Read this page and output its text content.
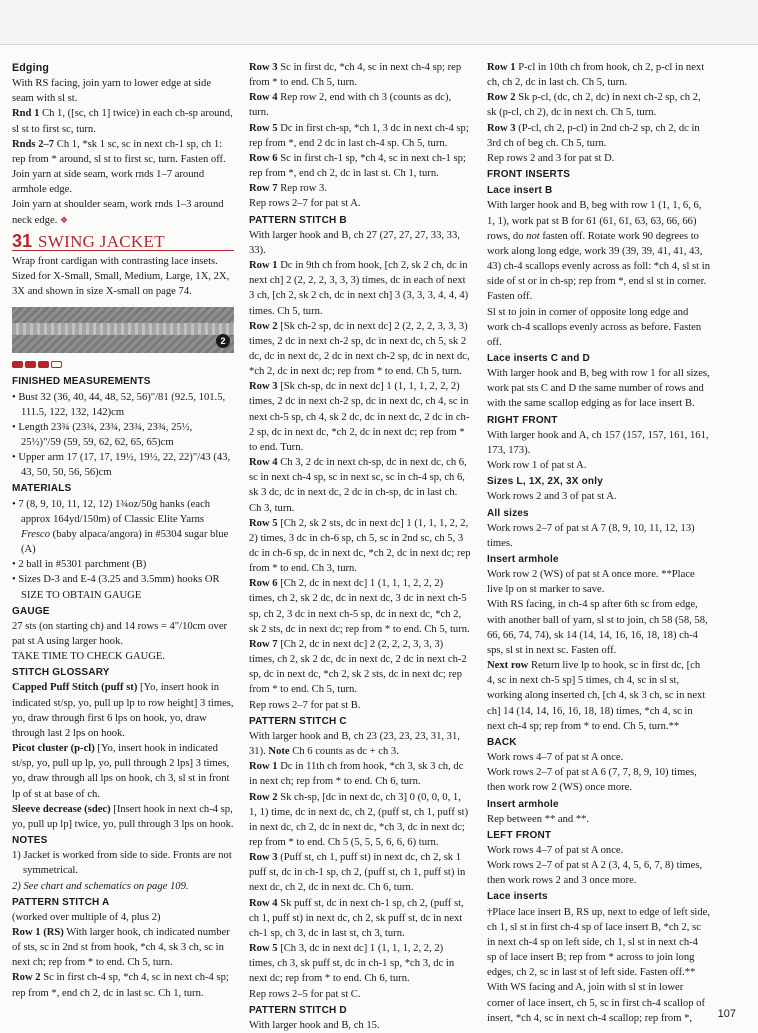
Edging

With RS facing, join yarn to lower edge at side seam with sl st.

Rnd 1 Ch 1, ([sc, ch 1] twice) in each ch-sp around, sl st to first sc, turn.

Rnds 2–7 Ch 1, *sk 1 sc, sc in next ch-1 sp, ch 1: rep from * around, sl st to first sc, turn. Fasten off. Join yarn at side seam, work rnds 1–7 around armhole edge.

Join yarn at shoulder seam, work rnds 1–3 around neck edge. ❖

31 SWING JACKET

Wrap front cardigan with contrasting lace insets. Sized for X-Small, Small, Medium, Large, 1X, 2X, 3X and shown in size X-small on page 74.

2

FINISHED MEASUREMENTS

• Bust 32 (36, 40, 44, 48, 52, 56)"/81 (92.5, 101.5, 111.5, 122, 132, 142)cm

• Length 23¾ (23¾, 23¾, 23¾, 23¾, 25½, 25½)"/59 (59, 59, 62, 62, 65, 65)cm

• Upper arm 17 (17, 17, 19½, 19½, 22, 22)"/43 (43, 43, 50, 50, 56, 56)cm

MATERIALS

• 7 (8, 9, 10, 11, 12, 12) 1¾oz/50g hanks (each approx 164yd/150m) of Classic Elite Yarns Fresco (baby alpaca/angora) in #5304 sugar blue (A)

• 2 ball in #5301 parchment (B)

• Sizes D-3 and E-4 (3.25 and 3.5mm) hooks OR SIZE TO OBTAIN GAUGE

GAUGE

27 sts (on starting ch) and 14 rows = 4"/10cm over pat st A using larger hook.

TAKE TIME TO CHECK GAUGE.

STITCH GLOSSARY

Capped Puff Stitch (puff st) [Yo, insert hook in indicated st/sp, yo, pull up lp to row height] 3 times, yo, draw through first 6 lps on hook, yo, draw through last 2 lps on hook.

Picot cluster (p-cl) [Yo, insert hook in indicated st/sp, yo, pull up lp, yo, pull through 2 lps] 3 times, yo, draw through all lps on hook, ch 3, sl st in front lp of st at base of ch.

Sleeve decrease (sdec) [Insert hook in next ch-4 sp, yo, pull up lp] twice, yo, pull through 3 lps on hook.

NOTES

1) Jacket is worked from side to side. Fronts are not symmetrical.

2) See chart and schematics on page 109.

PATTERN STITCH A

(worked over multiple of 4, plus 2)

Row 1 (RS) With larger hook, ch indicated number of sts, sc in 2nd st from hook, *ch 4, sk 3 ch, sc in next ch; rep from * to end. Ch 5, turn.

Row 2 Sc in first ch-4 sp, *ch 4, sc in next ch-4 sp; rep from *, end ch 2, dc in last sc. Ch 1, turn.

Row 3 Sc in first dc, *ch 4, sc in next ch-4 sp; rep from * to end. Ch 5, turn.

Row 4 Rep row 2, end with ch 3 (counts as dc), turn.

Row 5 Dc in first ch-sp, *ch 1, 3 dc in next ch-4 sp; rep from *, end 2 dc in last ch-4 sp. Ch 5, turn.

Row 6 Sc in first ch-1 sp, *ch 4, sc in next ch-1 sp; rep from *, end ch 2, dc in last st. Ch 1, turn.

Row 7 Rep row 3.

Rep rows 2–7 for pat st A.

PATTERN STITCH B

With larger hook and B, ch 27 (27, 27, 27, 33, 33, 33).

Row 1 Dc in 9th ch from hook, [ch 2, sk 2 ch, dc in next ch] 2 (2, 2, 2, 3, 3, 3) times, dc in each of next 3 ch, [ch 2, sk 2 ch, dc in next ch] 3 (3, 3, 3, 4, 4, 4) times. Ch 5, turn.

Row 2 [Sk ch-2 sp, dc in next dc] 2 (2, 2, 2, 3, 3, 3) times, 2 dc in next ch-2 sp, dc in next dc, ch 5, sk 2 dc, dc in next dc, 2 dc in next ch-2 sp, dc in next dc, *ch 2, dc in next dc; rep from * to end. Ch 5, turn.

Row 3 [Sk ch-sp, dc in next dc] 1 (1, 1, 1, 2, 2, 2) times, 2 dc in next ch-2 sp, dc in next dc, ch 4, sc in next ch-5 sp, ch 4, sk 2 dc, dc in next dc, 2 dc in ch-2 sp, dc in next dc, *ch 2, dc in next dc; rep from * to end. Turn.

Row 4 Ch 3, 2 dc in next ch-sp, dc in next dc, ch 6, sc in next ch-4 sp, sc in next sc, sc in ch-4 sp, ch 6, sk 3 dc, dc in next dc, 2 dc in ch-sp, dc in last ch. Ch 3, turn.

Row 5 [Ch 2, sk 2 sts, dc in next dc] 1 (1, 1, 1, 2, 2, 2) times, 3 dc in ch-6 sp, ch 5, sc in 2nd sc, ch 5, 3 dc in ch-6 sp, dc in next dc, *ch 2, dc in next dc; rep from * to end. Ch 3, turn.

Row 6 [Ch 2, dc in next dc] 1 (1, 1, 1, 2, 2, 2) times, ch 2, sk 2 dc, dc in next dc, 3 dc in next ch-5 sp, ch 2, 3 dc in next ch-5 sp, dc in next dc, *ch 2, sk 2 sts, dc in next dc; rep from * to end. Ch 5, turn.

Row 7 [Ch 2, dc in next dc] 2 (2, 2, 2, 3, 3, 3) times, ch 2, sk 2 dc, dc in next dc, 2 dc in next ch-2 sp, dc in next dc, *ch 2, sk 2 sts, dc in next dc; rep from * to end. Ch 5, turn.

Rep rows 2–7 for pat st B.

PATTERN STITCH C

With larger hook and B, ch 23 (23, 23, 23, 31, 31, 31). Note Ch 6 counts as dc + ch 3.

Row 1 Dc in 11th ch from hook, *ch 3, sk 3 ch, dc in next ch; rep from * to end. Ch 6, turn.

Row 2 Sk ch-sp, [dc in next dc, ch 3] 0 (0, 0, 0, 1, 1, 1) time, dc in next dc, ch 2, (puff st, ch 1, puff st) in next dc, ch 2, dc in next dc, *ch 3, dc in next dc; rep from * to end. Ch 5 (5, 5, 5, 6, 6, 6) turn.

Row 3 (Puff st, ch 1, puff st) in next dc, ch 2, sk 1 puff st, dc in ch-1 sp, ch 2, (puff st, ch 1, puff st) in next dc, ch 2, dc in next dc. Ch 6, turn.

Row 4 Sk puff st, dc in next ch-1 sp, ch 2, (puff st, ch 1, puff st) in next dc, ch 2, sk puff st, dc in next ch-1 sp, ch 3, dc in last st, ch 3, turn.

Row 5 [Ch 3, dc in next dc] 1 (1, 1, 1, 2, 2, 2) times, ch 3, sk puff st, dc in ch-1 sp, *ch 3, dc in next dc; rep from * to end. Ch 6, turn.

Rep rows 2–5 for pat st C.

PATTERN STITCH D

With larger hook and B, ch 15.

Row 1 P-cl in 10th ch from hook, ch 2, p-cl in next ch, ch 2, dc in last ch. Ch 5, turn.

Row 2 Sk p-cl, (dc, ch 2, dc) in next ch-2 sp, ch 2, sk (p-cl, ch 2), dc in next ch. Ch 5, turn.

Row 3 (P-cl, ch 2, p-cl) in 2nd ch-2 sp, ch 2, dc in 3rd ch of beg ch. Ch 5, turn.

Rep rows 2 and 3 for pat st D.

FRONT INSERTS

Lace insert B

With larger hook and B, beg with row 1 (1, 1, 6, 6, 1, 1), work pat st B for 61 (61, 61, 63, 63, 66, 66) rows, do not fasten off. Rotate work 90 degrees to work along long edge, work 39 (39, 39, 41, 41, 43, 43) ch-4 scallops evenly across as foll: *ch 4, sl st in side of st or in ch-sp; rep from *, end sl st in corner. Fasten off.

Sl st to join in corner of opposite long edge and work ch-4 scallops evenly across as before. Fasten off.

Lace inserts C and D

With larger hook and B, beg with row 1 for all sizes, work pat sts C and D the same number of rows and with the same scallop edging as for lace insert B.

RIGHT FRONT

With larger hook and A, ch 157 (157, 157, 161, 161, 173, 173).

Work row 1 of pat st A.

Sizes L, 1X, 2X, 3X only

Work rows 2 and 3 of pat st A.

All sizes

Work rows 2–7 of pat st A 7 (8, 9, 10, 11, 12, 13) times.

Insert armhole

Work row 2 (WS) of pat st A once more. **Place live lp on st marker to save.

With RS facing, in ch-4 sp after 6th sc from edge, with another ball of yarn, sl st to join, ch 58 (58, 58, 66, 66, 74, 74), sk 14 (14, 14, 16, 16, 18, 18) ch-4 sps, sl st in next sc. Fasten off.

Next row Return live lp to hook, sc in first dc, [ch 4, sc in next ch-5 sp] 5 times, ch 4, sc in sl st, working along inserted ch, [ch 4, sk 3 ch, sc in next ch] 14 (14, 14, 16, 16, 18, 18) times, *ch 4, sc in next ch-4 sp; rep from * to end. Ch 5, turn.**

BACK

Work rows 4–7 of pat st A once.

Work rows 2–7 of pat st A 6 (7, 7, 8, 9, 10) times, then work row 2 (WS) once more.

Insert armhole

Rep between ** and **.

LEFT FRONT

Work rows 4–7 of pat st A once.

Work rows 2–7 of pat st A 2 (3, 4, 5, 6, 7, 8) times, then work rows 2 and 3 once more.

Lace inserts

†Place lace insert B, RS up, next to edge of left side, ch 1, sl st in first ch-4 sp of lace insert B, *ch 2, sc in next ch-4 sp on left side, ch 1, sl st in next ch-4 sp of lace insert B; rep from * across to join long edges, ch 2, sc in last st of left side. Fasten off.**

With WS facing and A, join with sl st in lower corner of lace insert, ch 5, sc in first ch-4 scallop of insert, *ch 4, sc in next ch-4 scallop; rep from *,	107
